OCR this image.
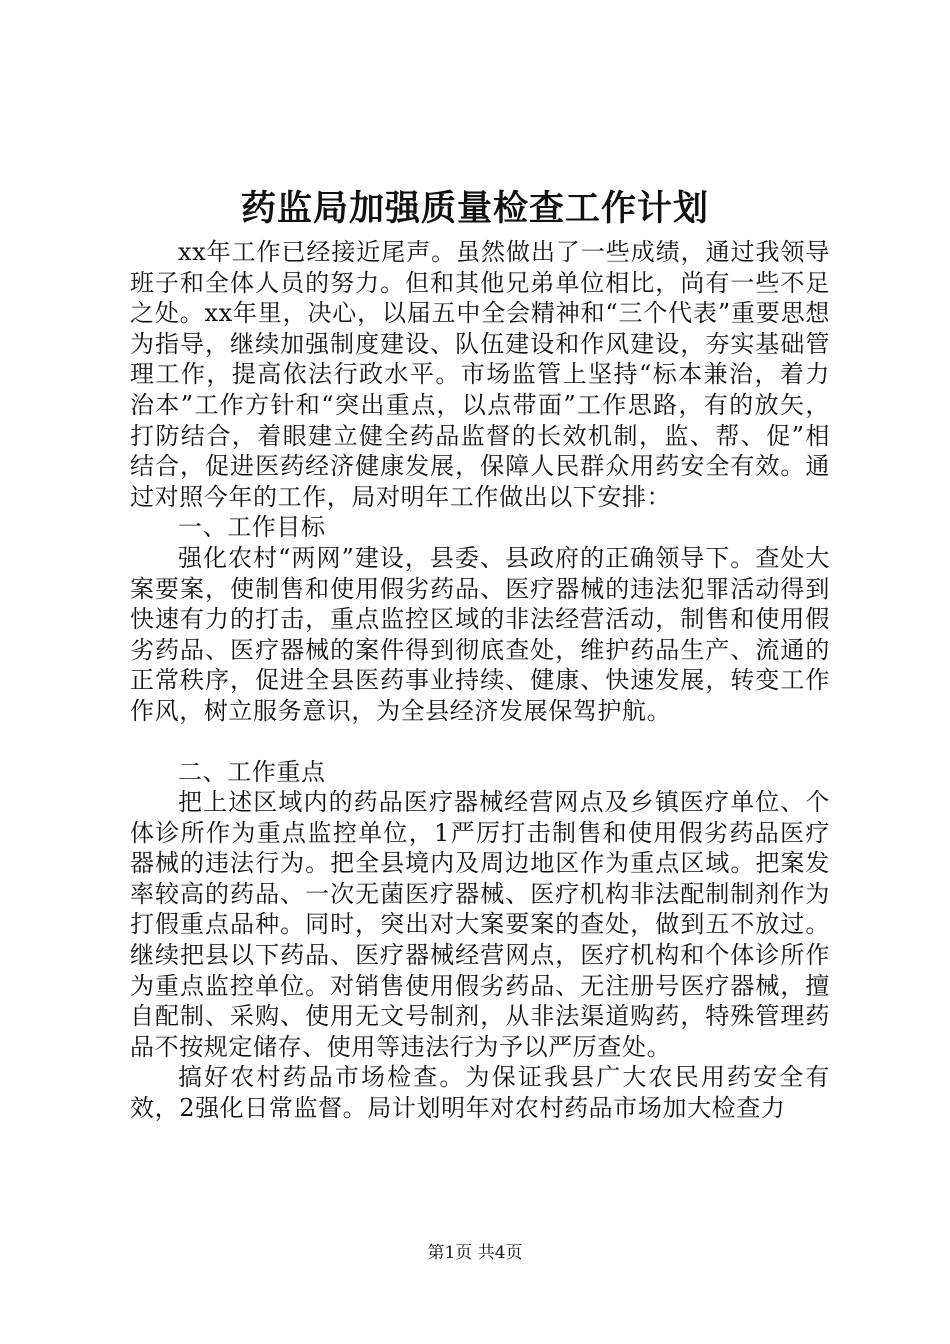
药监局加强质量检查工作计划

xx年工作已经接近尾声。虽然做出了一些成绩，通过我领导班子和全体人员的努力。但和其他兄弟单位相比，尚有一些不足之处。xx年里，决心，以届五中全会精神和“三个代表”重要思想为指导，继续加强制度建设、队伍建设和作风建设，夯实基础管理工作，提高依法行政水平。市场监管上坚持“标本兼治，着力治本”工作方针和“突出重点，以点带面”工作思路，有的放矢，打防结合，着眼建立健全药品监督的长效机制，监、帮、促”相结合，促进医药经济健康发展，保障人民群众用药安全有效。通过对照今年的工作，局对明年工作做出以下安排：

一、工作目标

强化农村“两网”建设，县委、县政府的正确领导下。查处大案要案，使制售和使用假劣药品、医疗器械的违法犯罪活动得到快速有力的打击，重点监控区域的非法经营活动，制售和使用假劣药品、医疗器械的案件得到彻底查处，维护药品生产、流通的正常秩序，促进全县医药事业持续、健康、快速发展，转变工作作风，树立服务意识，为全县经济发展保驾护航。

二、工作重点

把上述区域内的药品医疗器械经营网点及乡镇医疗单位、个体诊所作为重点监控单位，1严厉打击制售和使用假劣药品医疗器械的违法行为。把全县境内及周边地区作为重点区域。把案发率较高的药品、一次无菌医疗器械、医疗机构非法配制制剂作为打假重点品种。同时，突出对大案要案的查处，做到五不放过。继续把县以下药品、医疗器械经营网点，医疗机构和个体诊所作为重点监控单位。对销售使用假劣药品、无注册号医疗器械，擅自配制、采购、使用无文号制剂，从非法渠道购药，特殊管理药品不按规定储存、使用等违法行为予以严厉查处。

搞好农村药品市场检查。为保证我县广大农民用药安全有效，2强化日常监督。局计划明年对农村药品市场加大检查力

第1页 共4页
